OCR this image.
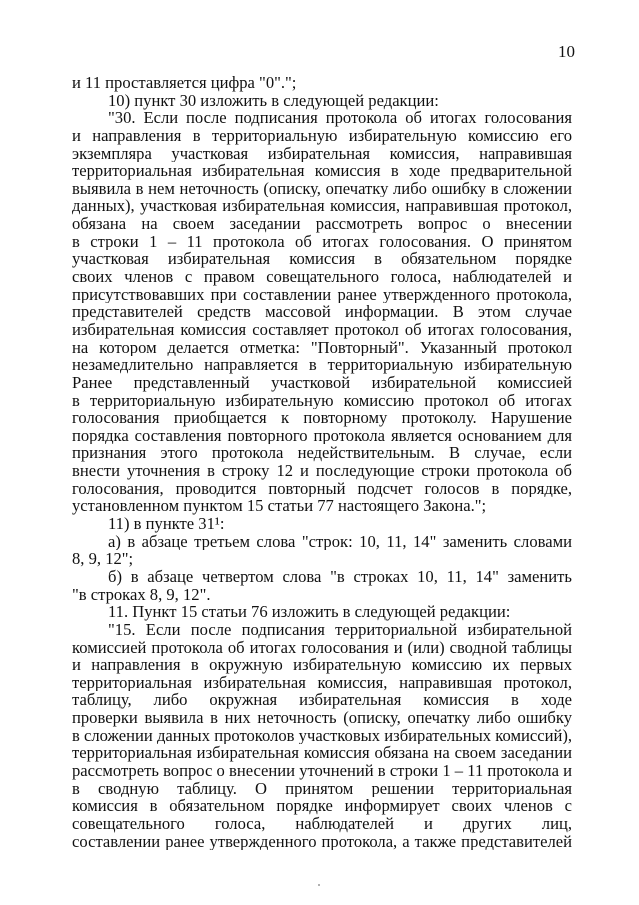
10
и 11 проставляется цифра "0".";
10) пункт 30 изложить в следующей редакции:
"30. Если после подписания протокола об итогах голосования
и направления в территориальную избирательную комиссию его
экземпляра участковая избирательная комиссия, направившая
территориальная избирательная комиссия в ходе предварительной
выявила в нем неточность (описку, опечатку либо ошибку в сложении
данных), участковая избирательная комиссия, направившая протокол,
обязана на своем заседании рассмотреть вопрос о внесении
в строки 1 – 11 протокола об итогах голосования. О принятом
участковая избирательная комиссия в обязательном порядке
своих членов с правом совещательного голоса, наблюдателей и
присутствовавших при составлении ранее утвержденного протокола,
представителей средств массовой информации. В этом случае
избирательная комиссия составляет протокол об итогах голосования,
на котором делается отметка: "Повторный". Указанный протокол
незамедлительно направляется в территориальную избирательную
Ранее представленный участковой избирательной комиссией
в территориальную избирательную комиссию протокол об итогах
голосования приобщается к повторному протоколу. Нарушение
порядка составления повторного протокола является основанием для
признания этого протокола недействительным. В случае, если
внести уточнения в строку 12 и последующие строки протокола об
голосования, проводится повторный подсчет голосов в порядке,
установленном пунктом 15 статьи 77 настоящего Закона.";
11) в пункте 31¹:
а) в абзаце третьем слова "строк: 10, 11, 14" заменить словами
8, 9, 12";
б) в абзаце четвертом слова "в строках 10, 11, 14" заменить
"в строках 8, 9, 12".
11. Пункт 15 статьи 76 изложить в следующей редакции:
"15. Если после подписания территориальной избирательной
комиссией протокола об итогах голосования и (или) сводной таблицы
и направления в окружную избирательную комиссию их первых
территориальная избирательная комиссия, направившая протокол,
таблицу, либо окружная избирательная комиссия в ходе
проверки выявила в них неточность (описку, опечатку либо ошибку
в сложении данных протоколов участковых избирательных комиссий),
территориальная избирательная комиссия обязана на своем заседании
рассмотреть вопрос о внесении уточнений в строки 1 – 11 протокола и
в сводную таблицу. О принятом решении территориальная
комиссия в обязательном порядке информирует своих членов с
совещательного голоса, наблюдателей и других лиц,
составлении ранее утвержденного протокола, а также представителей
